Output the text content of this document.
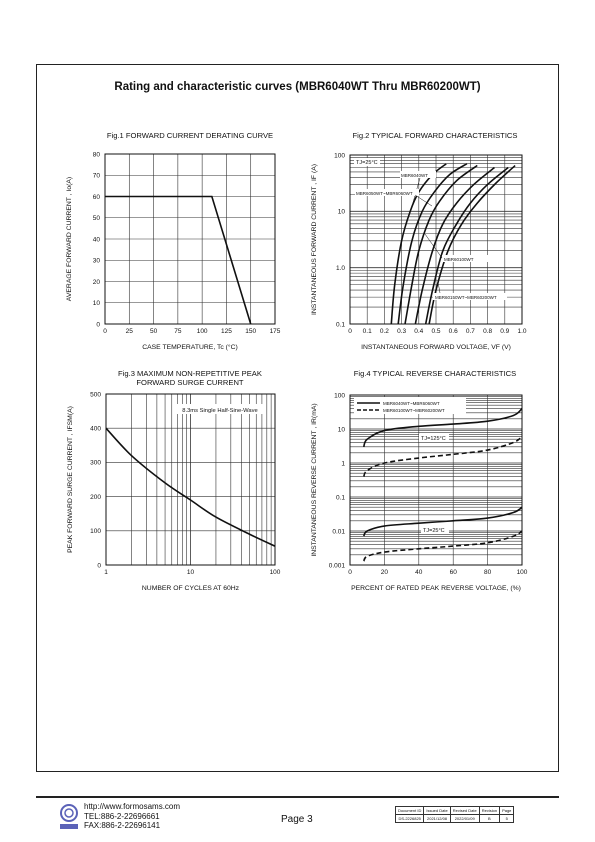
Rating and characteristic curves (MBR6040WT Thru MBR60200WT)
Fig.1 FORWARD CURRENT DERATING CURVE	Fig.2 TYPICAL FORWARD CHARACTERISTICS
Fig.3 MAXIMUM NON-REPETITIVE PEAK
FORWARD SURGE CURRENT
Fig.4 TYPICAL REVERSE CHARACTERISTICS
0	25	50	75 100 125 150 175
0
10
20
30
40
50
60
70
80
CASE TEMPERATURE, Tc (°C)
AVERAGE FORWARD CURRENT , Io(A)
0 0.1 0.2 0.3 0.4 0.5 0.6 0.7 0.8 0.9 1.0
0.1
1.0
10
100
INSTANTANEOUS FORWARD VOLTAGE, VF (V)
INSTANTANEOUS FORWARD CURRENT , IF (A)
1	10	100
0
100
200
300
400
500
NUMBER OF CYCLES AT 60Hz
PEAK FORWARD SURGE CURRENT , IFSM(A)
0	20	40	60	80	100
0.001
0.01
0.1
1
10
100
PERCENT OF RATED PEAK REVERSE VOLTAGE, (%)
INSTANTANEOUS REVERSE CURRENT , IR(mA)
TJ=25°C
MBR6040WT
MBR6050WT~MBR6060WT
MBR60100WT
MBR60150WT~MBR60200WT
8.3ms Single Half-Sine-Wave
MBR6040WT~MBR6060WT
MBR60100WT~MBR60200WT
TJ=125°C
TJ=25°C
http://www.formosams.com
TEL:886-2-22696661
FAX:886-2-22696141
Page 3
Document ID	Issued Date	Revised Date	Revision	Page
DS-2226825	2021/12/08	2022/01/09	B	5
